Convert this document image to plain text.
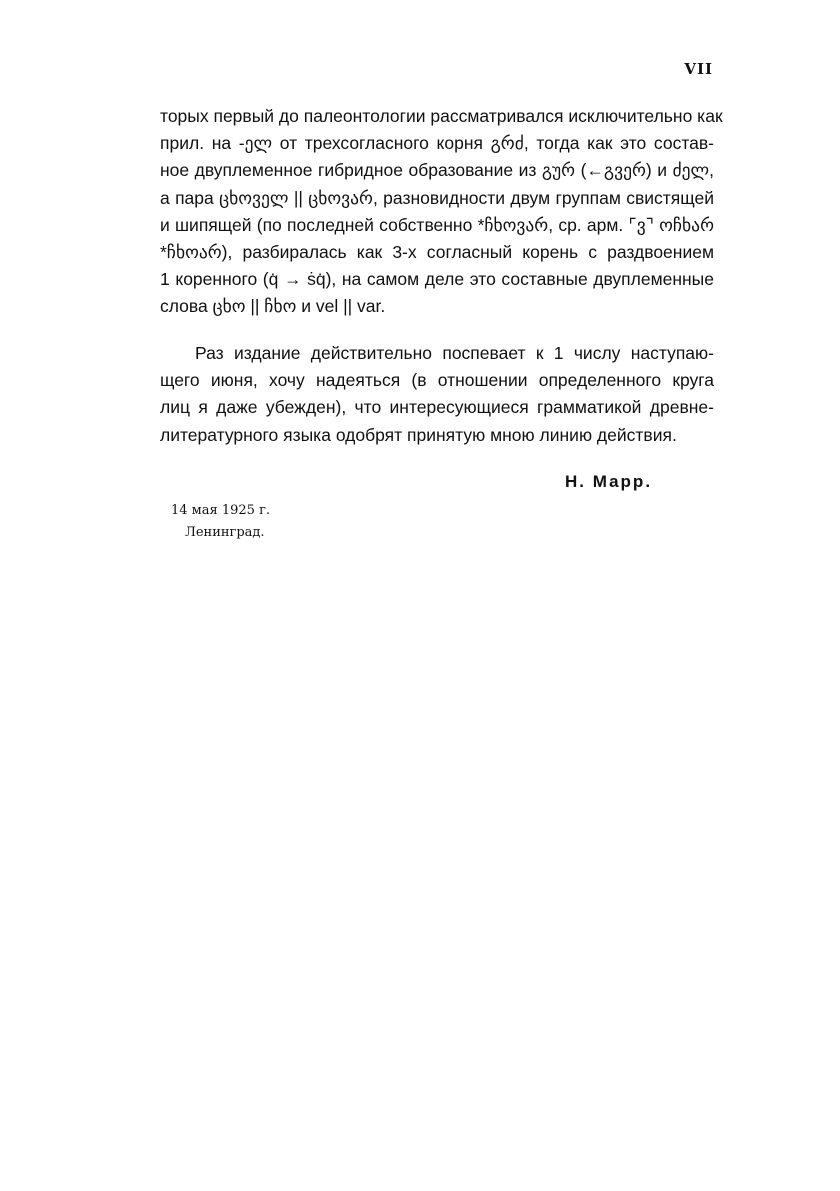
VII
торых первый до палеонтологии рассматривался исключительно как
прил. на -ელ от трехсогласного корня გრძ, тогда как это состав-
ное двуплеменное гибридное образование из გურ (←გვერ) и ძელ,
а пара ცხოველ || ცხოვარ, разновидности двум группам свистящей
и шипящей (по последней собственно *ჩხოვარ, ср. арм. ⌜ვ⌝ ოჩხარ
*ჩხოარ), разбиралась как 3-х согласный корень с раздвоением
1 коренного (q̇ → ṡq̇), на самом деле это составные двуплеменные
слова ცხო || ჩხო и vel || var.
Раз издание действительно поспевает к 1 числу наступаю-
щего июня, хочу надеяться (в отношении определенного круга
лиц я даже убежден), что интересующиеся грамматикой древне-
литературного языка одобрят принятую мною линию действия.
Н. Марр.
14 мая 1925 г.
Ленинград.
